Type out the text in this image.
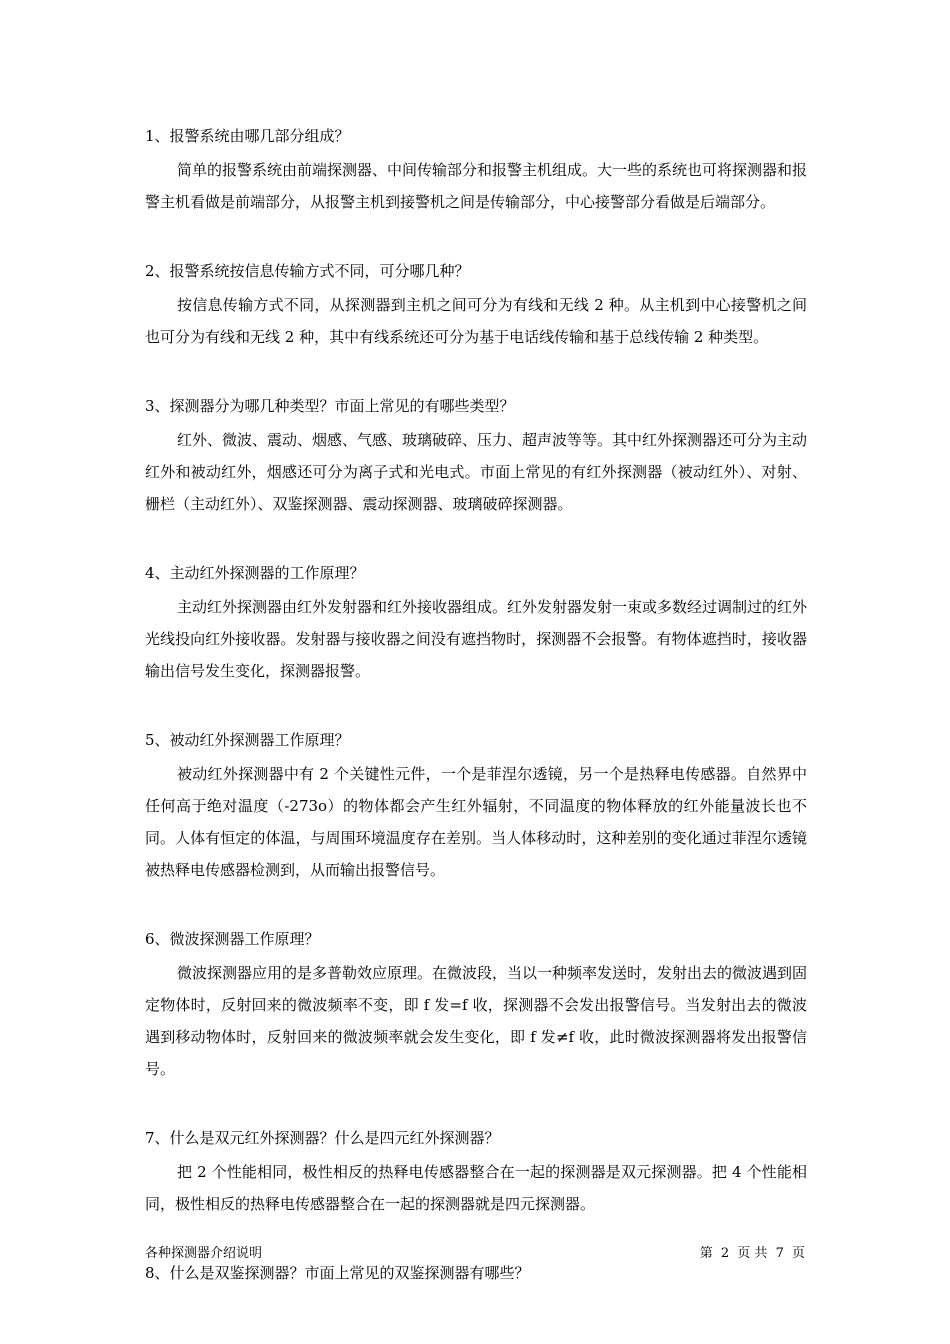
1、报警系统由哪几部分组成？

简单的报警系统由前端探测器、中间传输部分和报警主机组成。大一些的系统也可将探测器和报警主机看做是前端部分，从报警主机到接警机之间是传输部分，中心接警部分看做是后端部分。

2、报警系统按信息传输方式不同，可分哪几种？

按信息传输方式不同，从探测器到主机之间可分为有线和无线 2 种。从主机到中心接警机之间也可分为有线和无线 2 种，其中有线系统还可分为基于电话线传输和基于总线传输 2 种类型。

3、探测器分为哪几种类型？市面上常见的有哪些类型？

红外、微波、震动、烟感、气感、玻璃破碎、压力、超声波等等。其中红外探测器还可分为主动红外和被动红外，烟感还可分为离子式和光电式。市面上常见的有红外探测器（被动红外）、对射、栅栏（主动红外）、双鉴探测器、震动探测器、玻璃破碎探测器。

4、主动红外探测器的工作原理？

主动红外探测器由红外发射器和红外接收器组成。红外发射器发射一束或多数经过调制过的红外光线投向红外接收器。发射器与接收器之间没有遮挡物时，探测器不会报警。有物体遮挡时，接收器输出信号发生变化，探测器报警。

5、被动红外探测器工作原理？

被动红外探测器中有 2 个关键性元件，一个是菲涅尔透镜，另一个是热释电传感器。自然界中任何高于绝对温度（-273o）的物体都会产生红外辐射，不同温度的物体释放的红外能量波长也不同。人体有恒定的体温，与周围环境温度存在差别。当人体移动时，这种差别的变化通过菲涅尔透镜被热释电传感器检测到，从而输出报警信号。

6、微波探测器工作原理？

微波探测器应用的是多普勒效应原理。在微波段，当以一种频率发送时，发射出去的微波遇到固定物体时，反射回来的微波频率不变，即 f 发=f 收，探测器不会发出报警信号。当发射出去的微波遇到移动物体时，反射回来的微波频率就会发生变化，即 f 发≠f 收，此时微波探测器将发出报警信号。

7、什么是双元红外探测器？什么是四元红外探测器？

把 2 个性能相同，极性相反的热释电传感器整合在一起的探测器是双元探测器。把 4 个性能相同，极性相反的热释电传感器整合在一起的探测器就是四元探测器。

8、什么是双鉴探测器？市面上常见的双鉴探测器有哪些？

各种探测器介绍说明	第 2 页 共 7 页
